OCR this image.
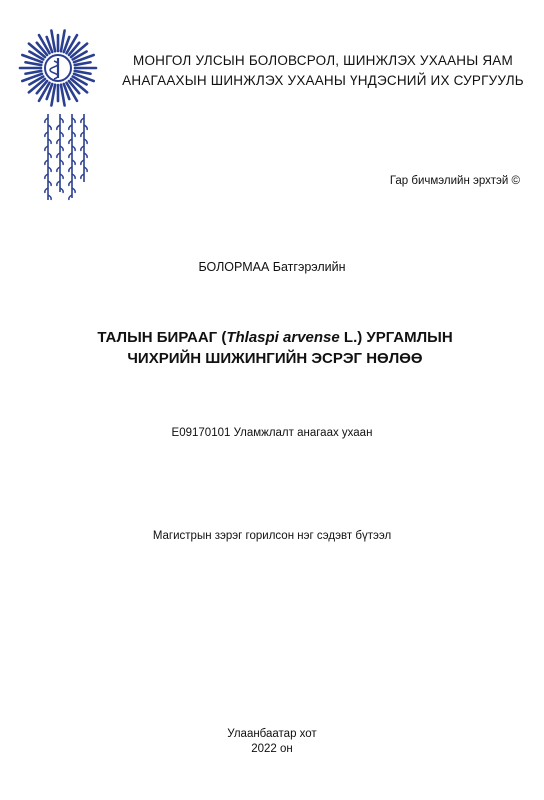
МОНГОЛ УЛСЫН БОЛОВСРОЛ, ШИНЖЛЭХ УХААНЫ ЯАМ
АНАГААХЫН ШИНЖЛЭХ УХААНЫ ҮНДЭСНИЙ ИХ СУРГУУЛЬ
Гар бичмэлийн эрхтэй ©
БОЛОРМАА Батгэрэлийн
ТАЛЫН БИРААГ (Thlaspi arvense L.) УРГАМЛЫН
ЧИХРИЙН ШИЖИНГИЙН ЭСРЭГ НӨЛӨӨ
E09170101 Уламжлалт анагаах ухаан
Магистрын зэрэг горилсон нэг сэдэвт бүтээл
Улаанбаатар хот
2022 он
